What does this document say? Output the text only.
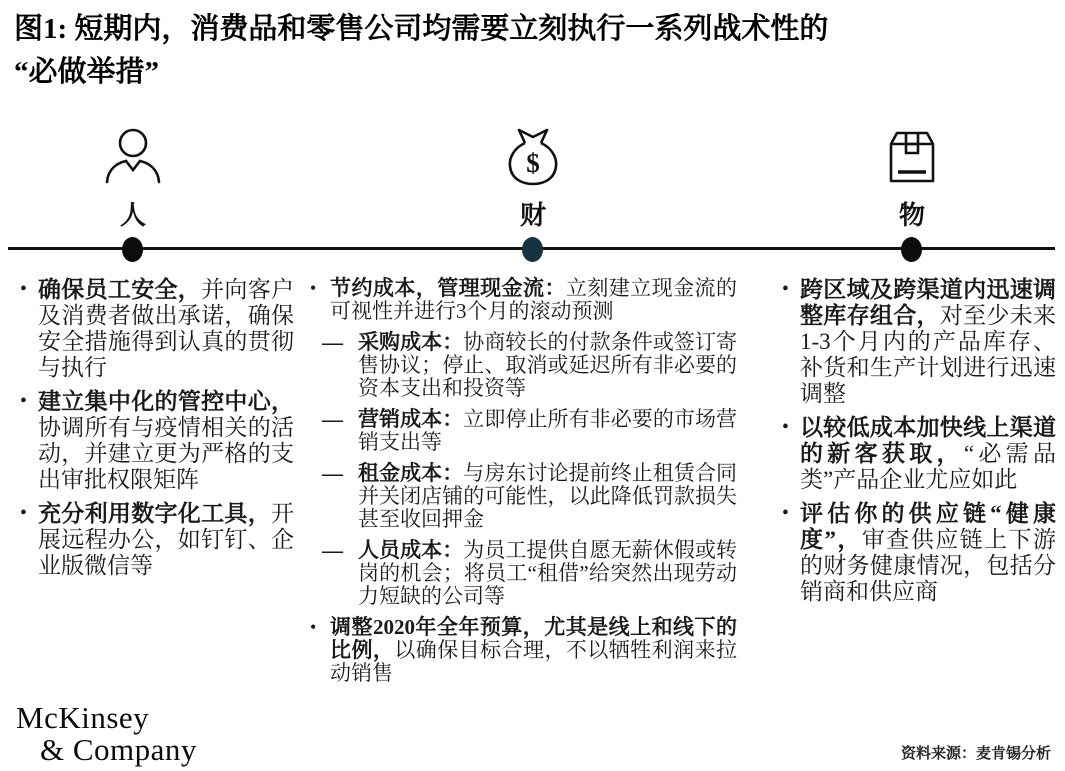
图1: 短期内，消费品和零售公司均需要立刻执行一系列战术性的
“必做举措”
人
$
财	物
• 确保员工安全，并向客户及消费者做出承诺，确保安全措施得到认真的贯彻与执行
• 建立集中化的管控中心，协调所有与疫情相关的活动，并建立更为严格的支出审批权限矩阵
• 充分利用数字化工具，开展远程办公，如钉钉、企业版微信等
• 节约成本，管理现金流：立刻建立现金流的可视性并进行3个月的滚动预测
— 采购成本：协商较长的付款条件或签订寄售协议；停止、取消或延迟所有非必要的资本支出和投资等
— 营销成本：立即停止所有非必要的市场营销支出等
— 租金成本：与房东讨论提前终止租赁合同并关闭店铺的可能性，以此降低罚款损失甚至收回押金
— 人员成本：为员工提供自愿无薪休假或转岗的机会；将员工“租借”给突然出现劳动力短缺的公司等
• 调整2020年全年预算，尤其是线上和线下的比例，以确保目标合理，不以牺牲利润来拉动销售
• 跨区域及跨渠道内迅速调整库存组合，对至少未来1-3个月内的产品库存、补货和生产计划进行迅速调整
• 以较低成本加快线上渠道的新客获取，“必需品类”产品企业尤应如此
• 评估你的供应链“健康度”，审查供应链上下游的财务健康情况，包括分销商和供应商
McKinsey
& Company	资料来源：麦肯锡分析
